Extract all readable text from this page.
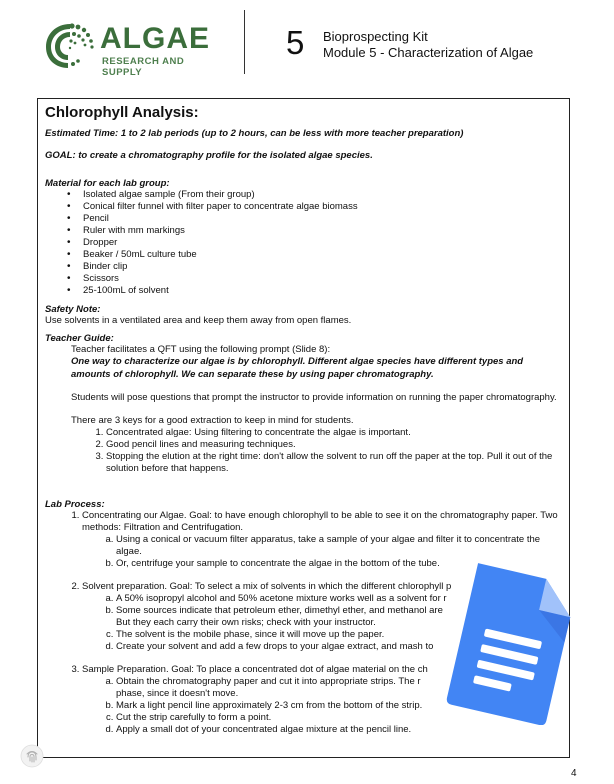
ALGAE
RESEARCH AND SUPPLY
5 Bioprospecting Kit
Module 5 - Characterization of Algae
Chlorophyll Analysis:
Estimated Time: 1 to 2 lab periods (up to 2 hours, can be less with more teacher preparation)
GOAL: to create a chromatography profile for the isolated algae species.
Material for each lab group:
• Isolated algae sample (From their group)
• Conical filter funnel with filter paper to concentrate algae biomass
• Pencil
• Ruler with mm markings
• Dropper
• Beaker / 50mL culture tube
• Binder clip
• Scissors
• 25-100mL of solvent
Safety Note:
Use solvents in a ventilated area and keep them away from open flames.
Teacher Guide:
Teacher facilitates a QFT using the following prompt (Slide 8):
One way to characterize our algae is by chlorophyll. Different algae species have different types and amounts of chlorophyll. We can separate these by using paper chromatography.
Students will pose questions that prompt the instructor to provide information on running the paper chromatography.
There are 3 keys for a good extraction to keep in mind for students.
1. Concentrated algae: Using filtering to concentrate the algae is important.
2. Good pencil lines and measuring techniques.
3. Stopping the elution at the right time: don't allow the solvent to run off the paper at the top. Pull it out of the solution before that happens.
Lab Process:
1. Concentrating our Algae. Goal: to have enough chlorophyll to be able to see it on the chromatography paper. Two methods: Filtration and Centrifugation.
a. Using a conical or vacuum filter apparatus, take a sample of your algae and filter it to concentrate the algae.
b. Or, centrifuge your sample to concentrate the algae in the bottom of the tube.
2. Solvent preparation. Goal: To select a mix of solvents in which the different chlorophyll p
a. A 50% isopropyl alcohol and 50% acetone mixture works well as a solvent for r
b. Some sources indicate that petroleum ether, dimethyl ether, and methanol are
But they each carry their own risks; check with your instructor.
c. The solvent is the mobile phase, since it will move up the paper.
d. Create your solvent and add a few drops to your algae extract, and mash to
3. Sample Preparation. Goal: To place a concentrated dot of algae material on the ch
a. Obtain the chromatography paper and cut it into appropriate strips. The r
phase, since it doesn't move.
b. Mark a light pencil line approximately 2-3 cm from the bottom of the strip.
c. Cut the strip carefully to form a point.
d. Apply a small dot of your concentrated algae mixture at the pencil line.
4
